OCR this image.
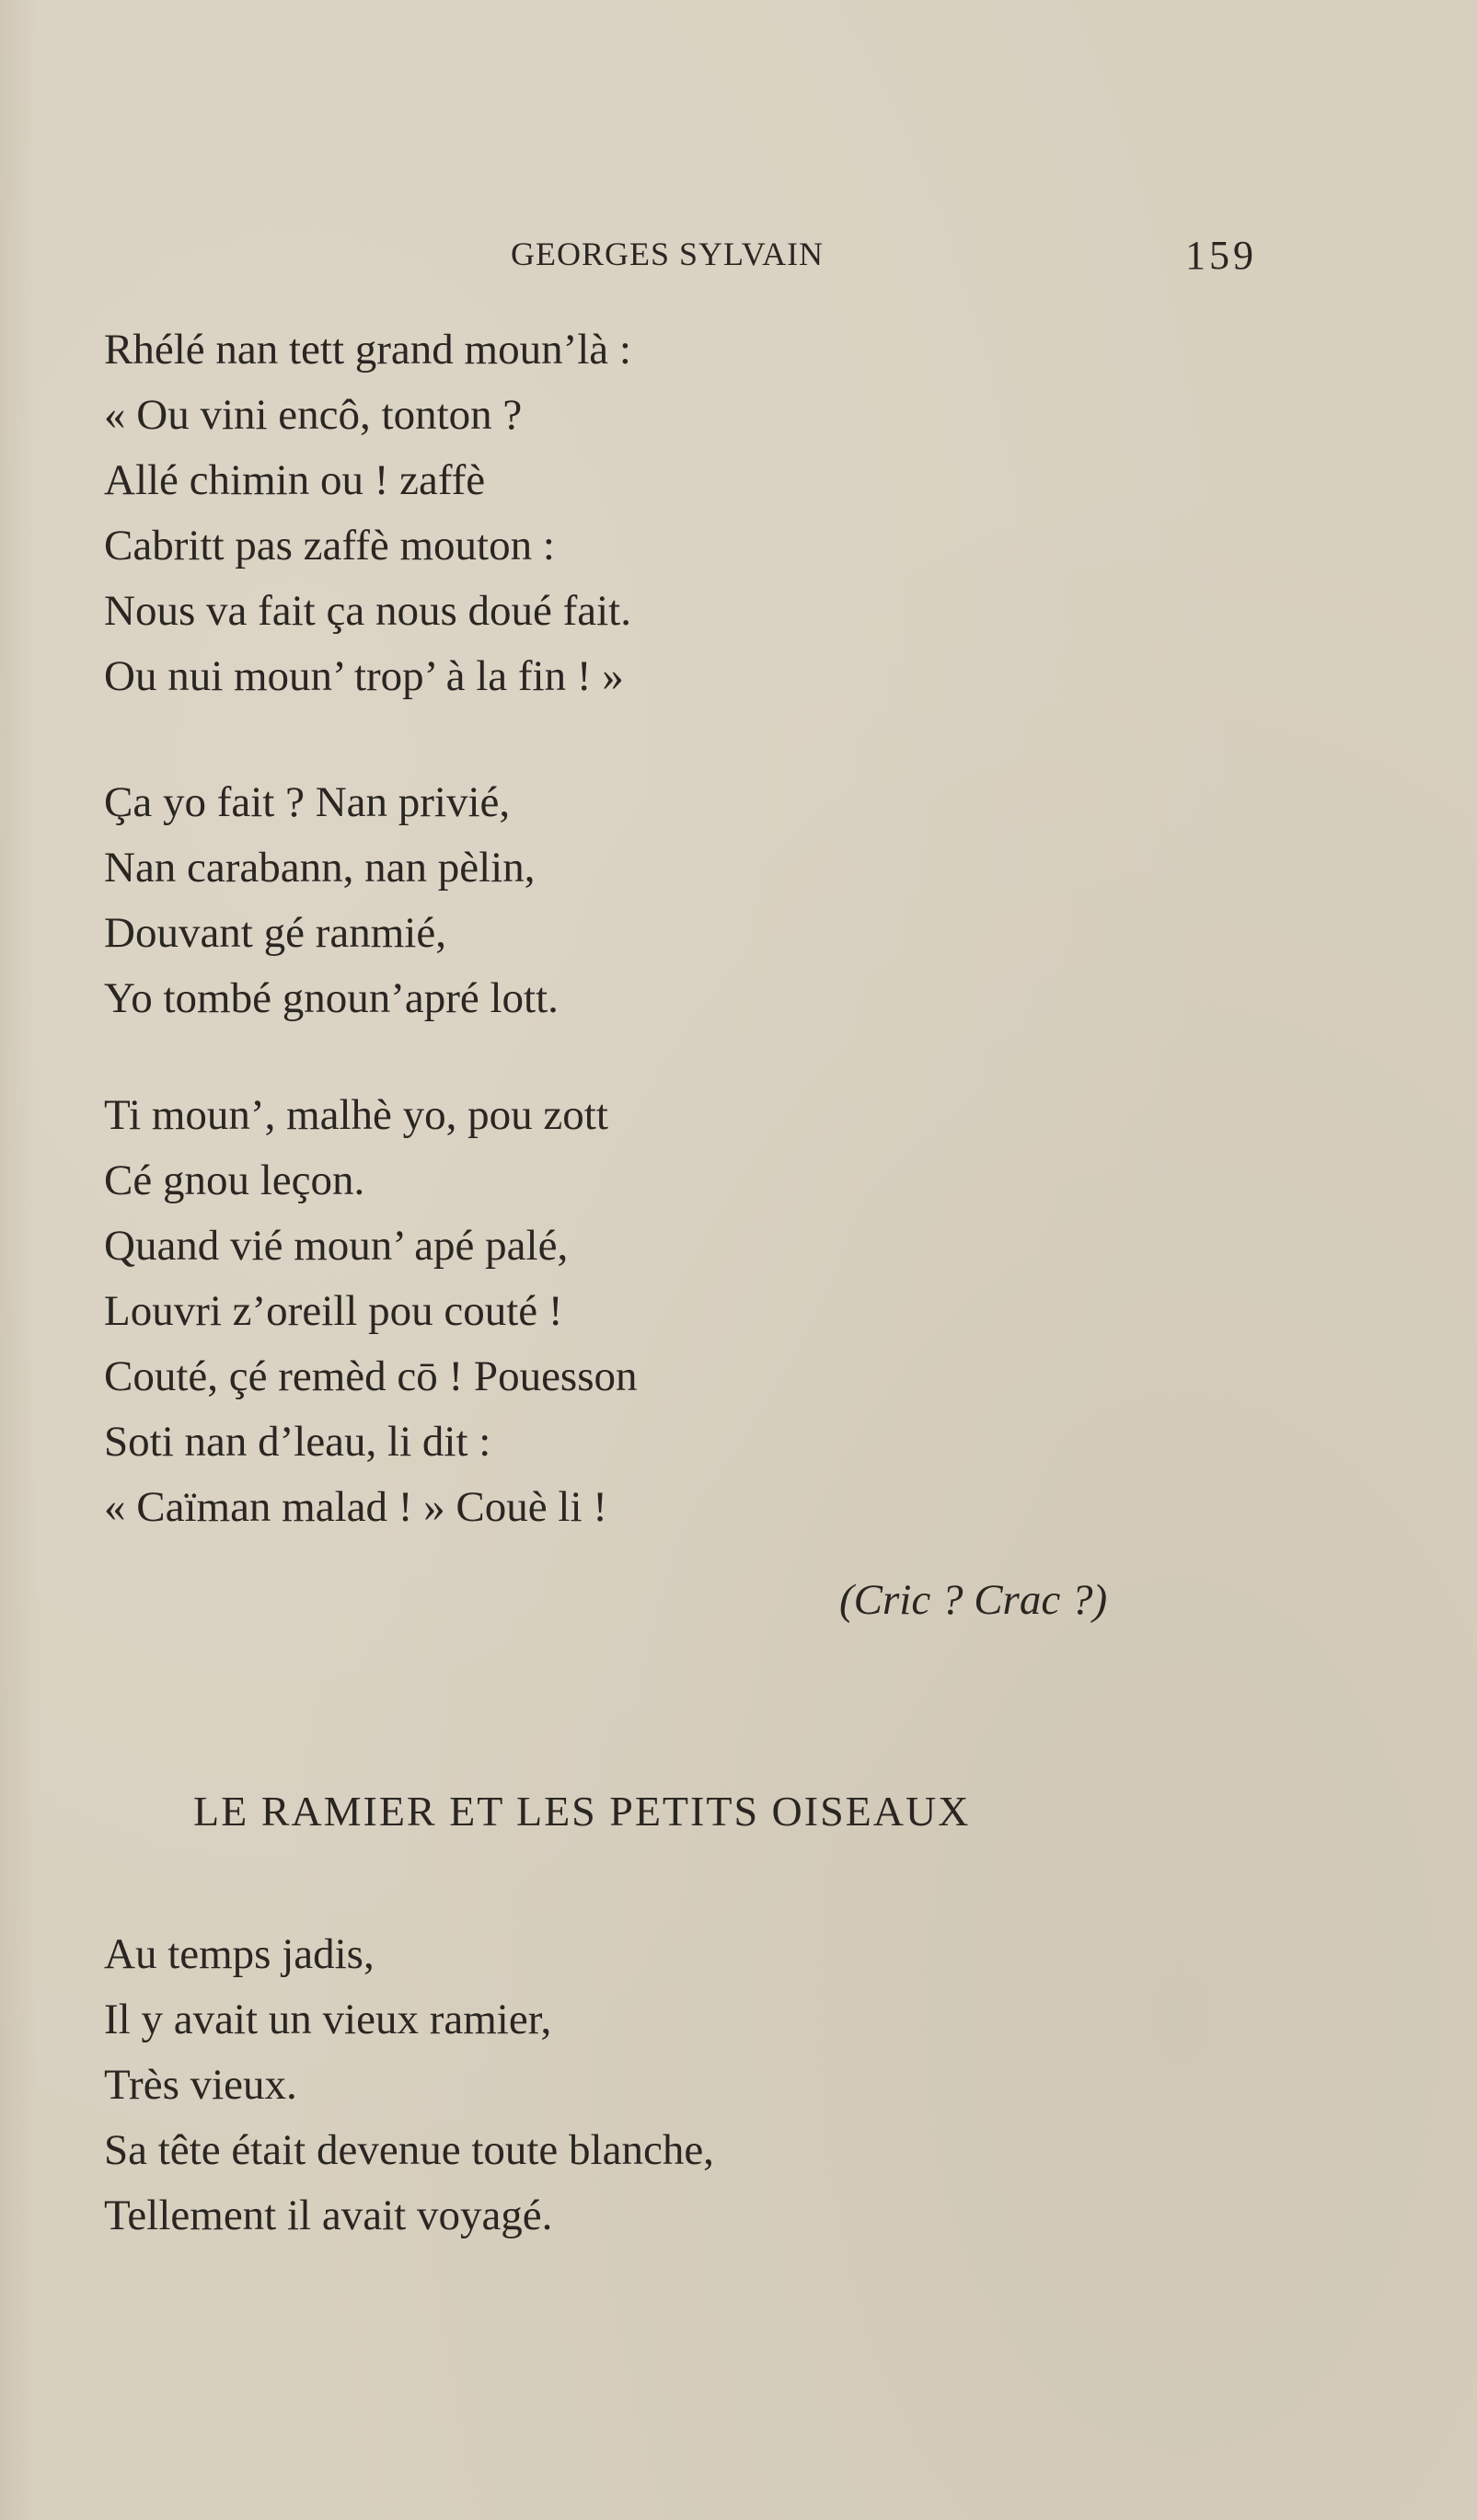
GEORGES SYLVAIN	159
Rhélé nan tett grand moun’là :
« Ou vini encô, tonton ?
Allé chimin ou ! zaffè
Cabritt pas zaffè mouton :
Nous va fait ça nous doué fait.
Ou nui moun’ trop’ à la fin ! »
Ça yo fait ? Nan privié,
Nan carabann, nan pèlin,
Douvant gé ranmié,
Yo tombé gnoun’apré lott.
Ti moun’, malhè yo, pou zott
Cé gnou leçon.
Quand vié moun’ apé palé,
Louvri z’oreill pou couté !
Couté, çé remèd cō ! Pouesson
Soti nan d’leau, li dit :
« Caïman malad ! » Couè li !
(Cric ? Crac ?)
LE RAMIER ET LES PETITS OISEAUX
Au temps jadis,
Il y avait un vieux ramier,
Très vieux.
Sa tête était devenue toute blanche,
Tellement il avait voyagé.
